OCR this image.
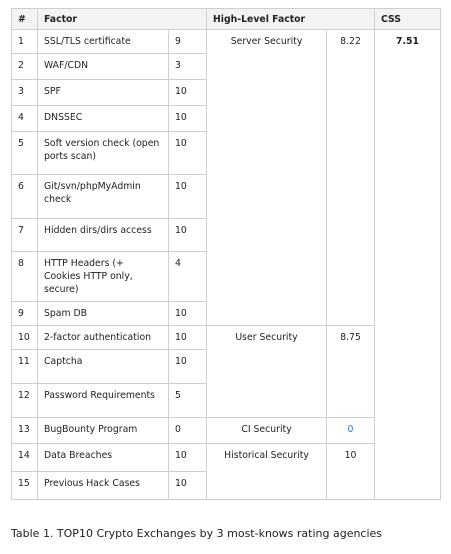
#	Factor		High-Level Factor		CSS
1	SSL/TLS certificate	9	Server Security	8.22	7.51
2	WAF/CDN	3			
3	SPF	10			
4	DNSSEC	10			
5	Soft version check (open ports scan)	10			
6	Git/svn/phpMyAdmin check	10			
7	Hidden dirs/dirs access	10			
8	HTTP Headers (+ Cookies HTTP only, secure)	4			
9	Spam DB	10			
10	2-factor authentication	10	User Security	8.75	
11	Captcha	10			
12	Password Requirements	5			
13	BugBounty Program	0	CI Security	0	
14	Data Breaches	10	Historical Security	10	
15	Previous Hack Cases	10			
Table 1. TOP10 Crypto Exchanges by 3 most-knows rating agencies
